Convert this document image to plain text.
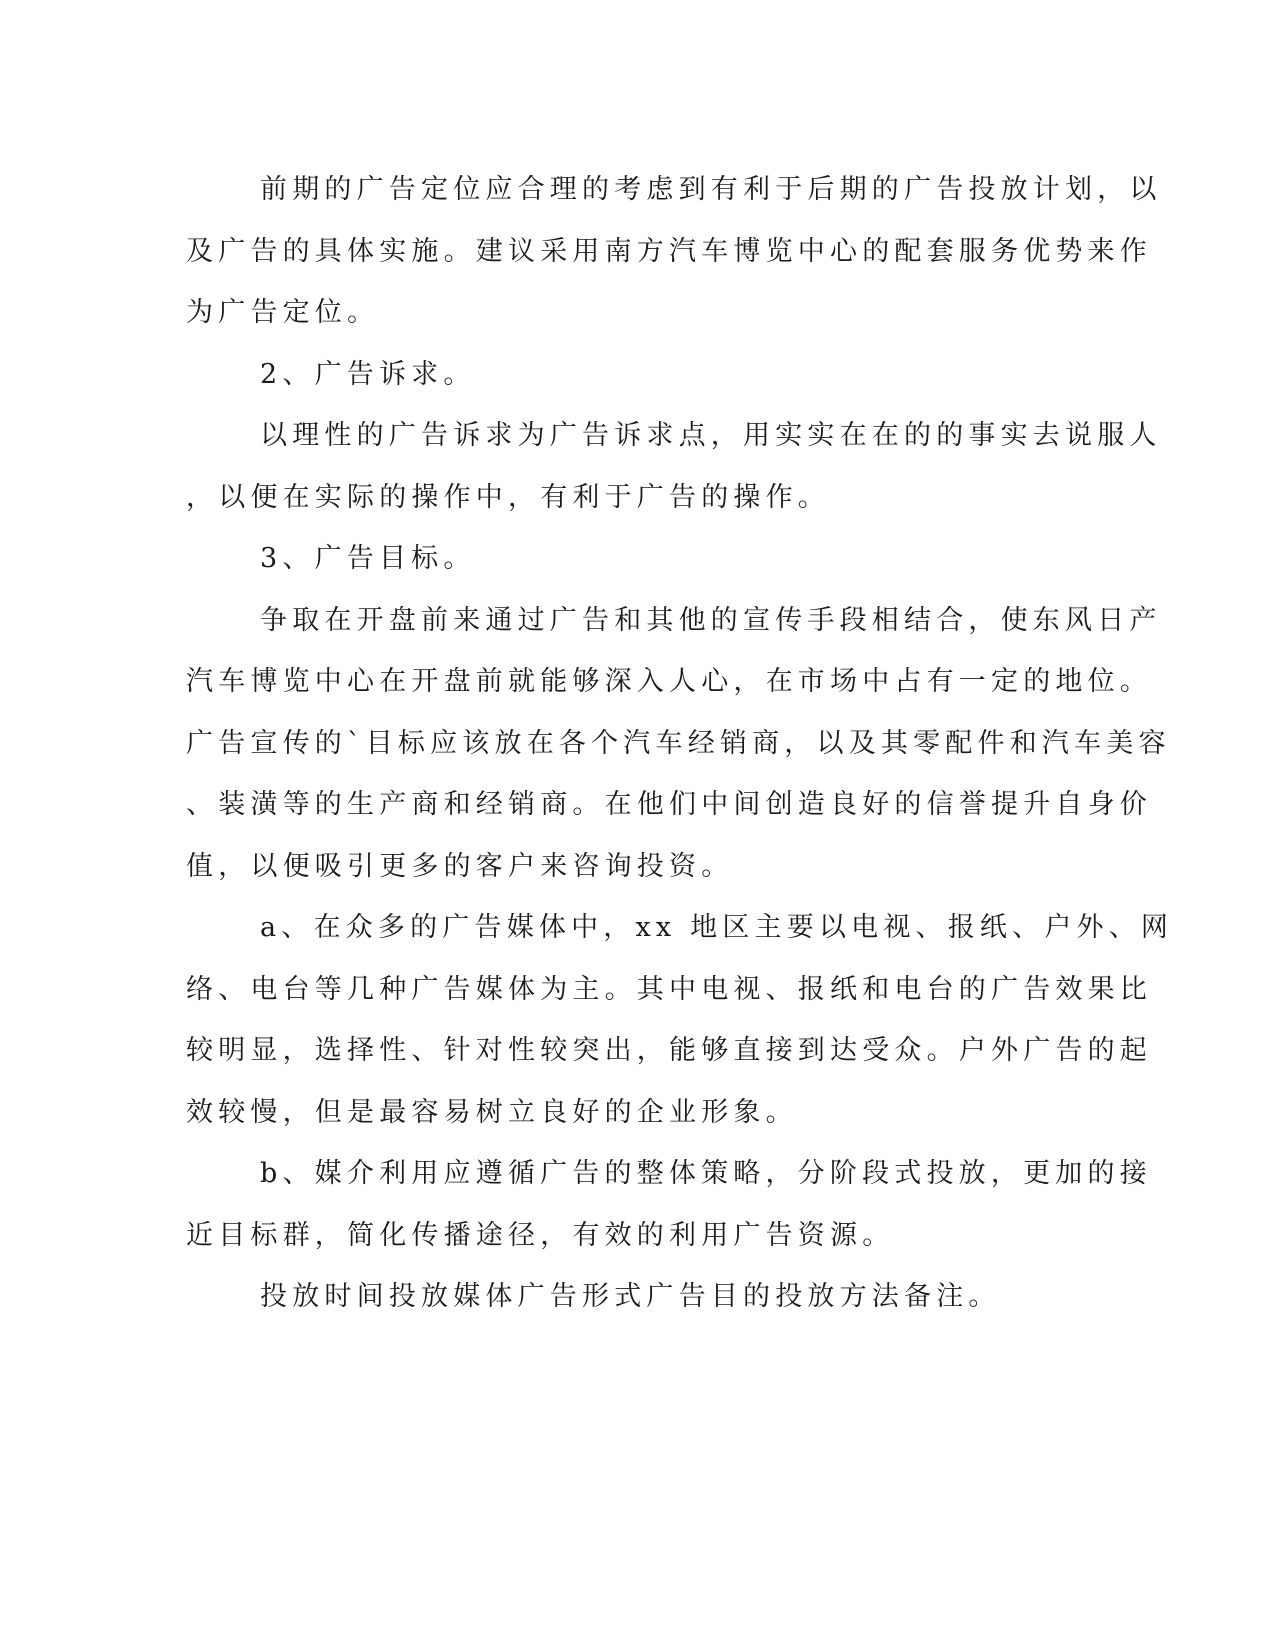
前期的广告定位应合理的考虑到有利于后期的广告投放计划，以
及广告的具体实施。建议采用南方汽车博览中心的配套服务优势来作
为广告定位。
2、广告诉求。
以理性的广告诉求为广告诉求点，用实实在在的的事实去说服人
，以便在实际的操作中，有利于广告的操作。
3、广告目标。
争取在开盘前来通过广告和其他的宣传手段相结合，使东风日产
汽车博览中心在开盘前就能够深入人心，在市场中占有一定的地位。
广告宣传的`目标应该放在各个汽车经销商，以及其零配件和汽车美容
、装潢等的生产商和经销商。在他们中间创造良好的信誉提升自身价
值，以便吸引更多的客户来咨询投资。
a、在众多的广告媒体中，xx 地区主要以电视、报纸、户外、网
络、电台等几种广告媒体为主。其中电视、报纸和电台的广告效果比
较明显，选择性、针对性较突出，能够直接到达受众。户外广告的起
效较慢，但是最容易树立良好的企业形象。
b、媒介利用应遵循广告的整体策略，分阶段式投放，更加的接
近目标群，简化传播途径，有效的利用广告资源。
投放时间投放媒体广告形式广告目的投放方法备注。
